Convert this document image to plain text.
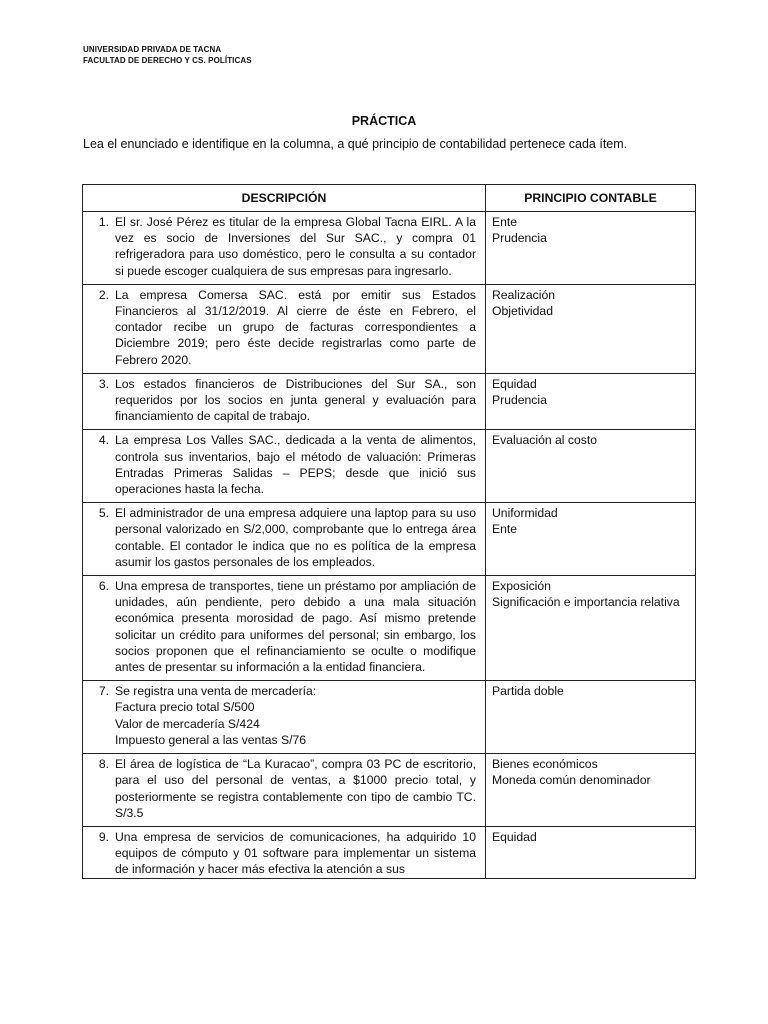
UNIVERSIDAD PRIVADA DE TACNA
FACULTAD DE DERECHO Y CS. POLÍTICAS
PRÁCTICA
Lea el enunciado e identifique en la columna, a qué principio de contabilidad pertenece cada ítem.
DESCRIPCIÓN	PRINCIPIO CONTABLE

1. El sr. José Pérez es titular de la empresa Global Tacna EIRL. A la vez es socio de Inversiones del Sur SAC., y compra 01 refrigeradora para uso doméstico, pero le consulta a su contador si puede escoger cualquiera de sus empresas para ingresarlo.	Ente
Prudencia

2. La empresa Comersa SAC. está por emitir sus Estados Financieros al 31/12/2019. Al cierre de éste en Febrero, el contador recibe un grupo de facturas correspondientes a Diciembre 2019; pero éste decide registrarlas como parte de Febrero 2020.	Realización
Objetividad

3. Los estados financieros de Distribuciones del Sur SA., son requeridos por los socios en junta general y evaluación para financiamiento de capital de trabajo.	Equidad
Prudencia

4. La empresa Los Valles SAC., dedicada a la venta de alimentos, controla sus inventarios, bajo el método de valuación: Primeras Entradas Primeras Salidas – PEPS; desde que inició sus operaciones hasta la fecha.	Evaluación al costo

5. El administrador de una empresa adquiere una laptop para su uso personal valorizado en S/2,000, comprobante que lo entrega área contable. El contador le indica que no es política de la empresa asumir los gastos personales de los empleados.	Uniformidad
Ente

6. Una empresa de transportes, tiene un préstamo por ampliación de unidades, aún pendiente, pero debido a una mala situación económica presenta morosidad de pago. Así mismo pretende solicitar un crédito para uniformes del personal; sin embargo, los socios proponen que el refinanciamiento se oculte o modifique antes de presentar su información a la entidad financiera.	Exposición
Significación e importancia relativa

7. Se registra una venta de mercadería:
Factura precio total S/500
Valor de mercadería S/424
Impuesto general a las ventas S/76	Partida doble

8. El área de logística de “La Kuracao”, compra 03 PC de escritorio, para el uso del personal de ventas, a $1000 precio total, y posteriormente se registra contablemente con tipo de cambio TC. S/3.5	Bienes económicos
Moneda común denominador

9. Una empresa de servicios de comunicaciones, ha adquirido 10 equipos de cómputo y 01 software para implementar un sistema de información y hacer más efectiva la atención a sus	Equidad
